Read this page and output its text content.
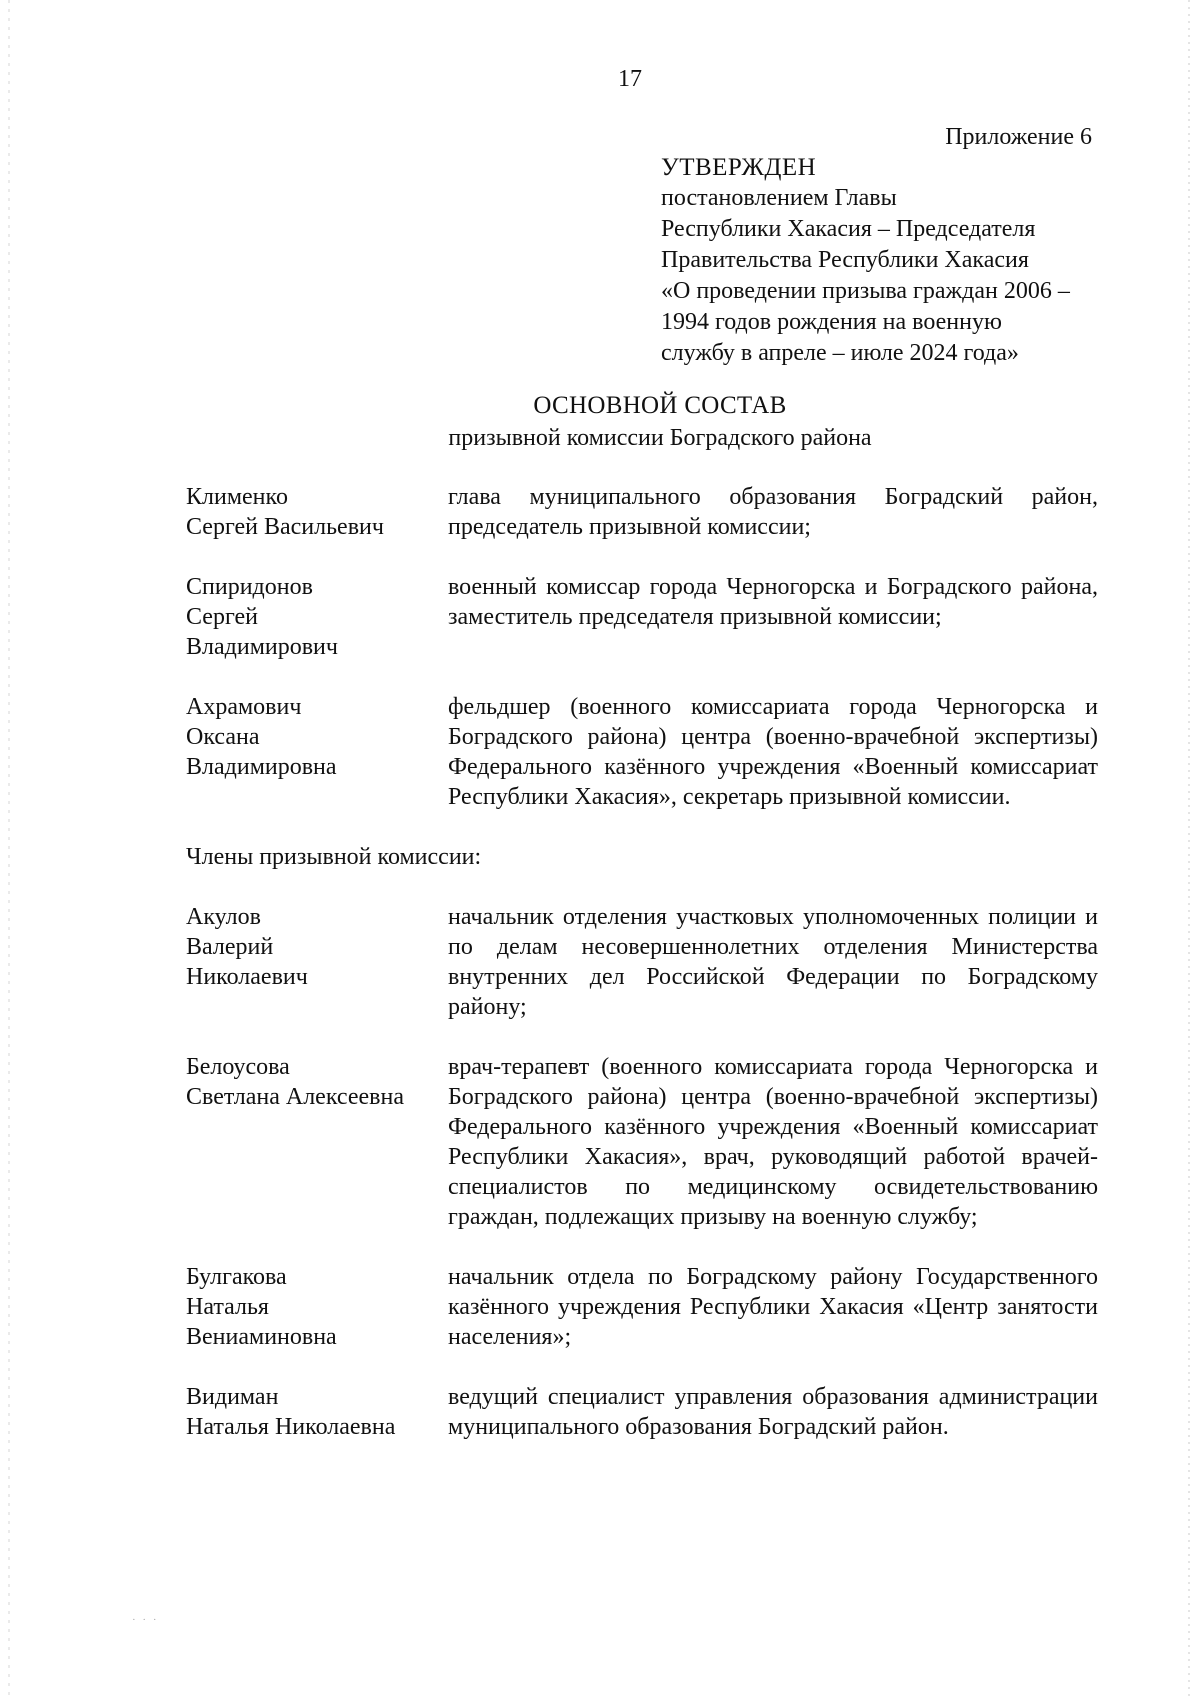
17
Приложение 6
УТВЕРЖДЕН
постановлением Главы
Республики Хакасия – Председателя
Правительства Республики Хакасия
«О проведении призыва граждан 2006 –
1994 годов рождения на военную
службу в апреле – июле 2024 года»
ОСНОВНОЙ СОСТАВ
призывной комиссии Боградского района
Клименко
Сергей Васильевич
глава муниципального образования Боградский район, председатель призывной комиссии;
Спиридонов
Сергей
Владимирович
военный комиссар города Черногорска и Боградского района, заместитель председателя призывной комиссии;
Ахрамович
Оксана
Владимировна
фельдшер (военного комиссариата города Черногорска и Боградского района) центра (военно-врачебной экспертизы) Федерального казённого учреждения «Военный комиссариат Республики Хакасия», секретарь призывной комиссии.
Члены призывной комиссии:
Акулов
Валерий
Николаевич
начальник отделения участковых уполномоченных полиции и по делам несовершеннолетних отделения Министерства внутренних дел Российской Федерации по Боградскому району;
Белоусова
Светлана Алексеевна
врач-терапевт (военного комиссариата города Черногорска и Боградского района) центра (военно-врачебной экспертизы) Федерального казённого учреждения «Военный комиссариат Республики Хакасия», врач, руководящий работой врачей-специалистов по медицинскому освидетельствованию граждан, подлежащих призыву на военную службу;
Булгакова
Наталья
Вениаминовна
начальник отдела по Боградскому району Государственного казённого учреждения Республики Хакасия «Центр занятости населения»;
Видиман
Наталья Николаевна
ведущий специалист управления образования администрации муниципального образования Боградский район.
· · ·
